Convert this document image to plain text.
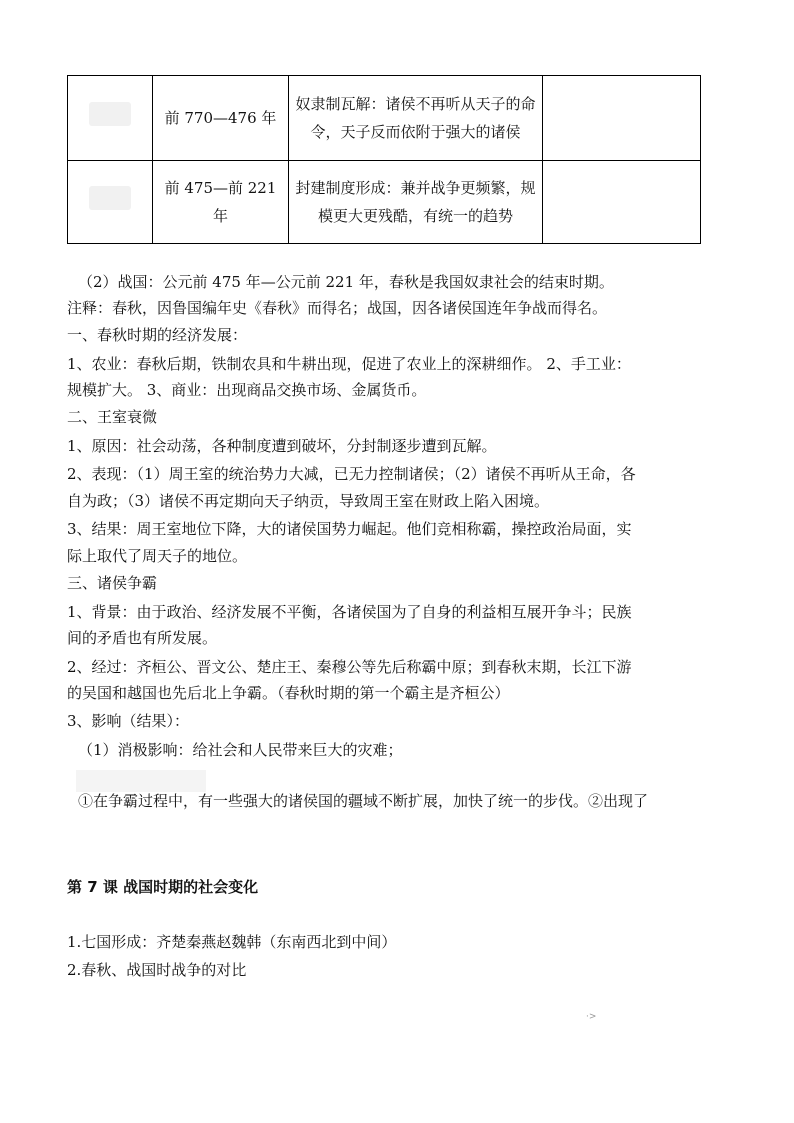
	前 770—476 年	奴隶制瓦解：诸侯不再听从天子的命令，天子反而依附于强大的诸侯	
	前 475—前 221 年	封建制度形成：兼并战争更频繁，规模更大更残酷，有统一的趋势	
（2）战国：公元前 475 年—公元前 221 年，春秋是我国奴隶社会的结束时期。
注释：春秋，因鲁国编年史《春秋》而得名；战国，因各诸侯国连年争战而得名。
一、春秋时期的经济发展：
1、农业：春秋后期，铁制农具和牛耕出现，促进了农业上的深耕细作。 2、手工业：
规模扩大。 3、商业：出现商品交换市场、金属货币。
二、王室衰微
1、原因：社会动荡，各种制度遭到破坏，分封制逐步遭到瓦解。
2、表现：（1）周王室的统治势力大减，已无力控制诸侯；（2）诸侯不再听从王命，各
自为政；（3）诸侯不再定期向天子纳贡，导致周王室在财政上陷入困境。
3、结果：周王室地位下降，大的诸侯国势力崛起。他们竞相称霸，操控政治局面，实
际上取代了周天子的地位。
三、诸侯争霸
1、背景：由于政治、经济发展不平衡，各诸侯国为了自身的利益相互展开争斗；民族
间的矛盾也有所发展。
2、经过：齐桓公、晋文公、楚庄王、秦穆公等先后称霸中原；到春秋末期，长江下游
的吴国和越国也先后北上争霸。（春秋时期的第一个霸主是齐桓公）
3、影响（结果）：
（1）消极影响：给社会和人民带来巨大的灾难；
①在争霸过程中，有一些强大的诸侯国的疆域不断扩展，加快了统一的步伐。②出现了
第 7 课 战国时期的社会变化
1.七国形成：齐楚秦燕赵魏韩（东南西北到中间）
2.春秋、战国时战争的对比
·>
